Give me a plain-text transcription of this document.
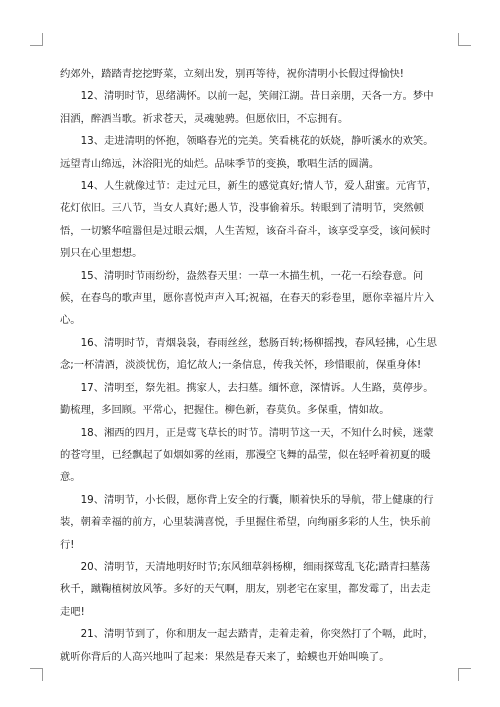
约郊外，踏踏青挖挖野菜，立刻出发，别再等待，祝你清明小长假过得愉快!

12、清明时节，思绪满怀。以前一起，笑闹江湖。昔日亲朋，天各一方。梦中泪洒，醉酒当歌。祈求苍天，灵魂驰骋。但愿依旧，不忘拥有。

13、走进清明的怀抱，领略春光的完美。笑看桃花的妖娆，静听溪水的欢笑。远望青山绵远，沐浴阳光的灿烂。品味季节的变换，歌唱生活的圆满。

14、人生就像过节：走过元旦，新生的感觉真好;情人节，爱人甜蜜。元宵节，花灯依旧。三八节，当女人真好;愚人节，没事偷着乐。转眼到了清明节，突然顿悟，一切繁华喧嚣但是过眼云烟，人生苦短，该奋斗奋斗，该享受享受，该问候时别只在心里想想。

15、清明时节雨纷纷，盎然春天里：一草一木描生机，一花一石绘春意。问候，在春鸟的歌声里，愿你喜悦声声入耳;祝福，在春天的彩卷里，愿你幸福片片入心。

16、清明时节，青烟袅袅，春雨丝丝，愁肠百转;杨柳摇拽，春风轻拂，心生思念;一杯清酒，淡淡忧伤，追忆故人;一条信息，传我关怀，珍惜眼前，保重身体!

17、清明至，祭先祖。携家人，去扫墓。缅怀意，深情诉。人生路，莫停步。勤梳理，多回顾。平常心，把握住。柳色新，春莫负。多保重，情如故。

18、湘西的四月，正是莺飞草长的时节。清明节这一天，不知什么时候，迷蒙的苍穹里，已经飘起了如烟如雾的丝雨，那漫空飞舞的晶莹，似在轻呼着初夏的暖意。

19、清明节，小长假，愿你背上安全的行囊，顺着快乐的导航，带上健康的行装，朝着幸福的前方，心里装满喜悦，手里握住希望，向绚丽多彩的人生，快乐前行!

20、清明节，天清地明好时节;东风细草斜杨柳，细雨探莺乱飞花;踏青扫墓荡秋千，蹴鞠植树放风筝。多好的天气啊，朋友，别老宅在家里，都发霉了，出去走走吧!

21、清明节到了，你和朋友一起去踏青，走着走着，你突然打了个嗝，此时，就听你背后的人高兴地叫了起来：果然是春天来了，蛤蟆也开始叫唤了。
